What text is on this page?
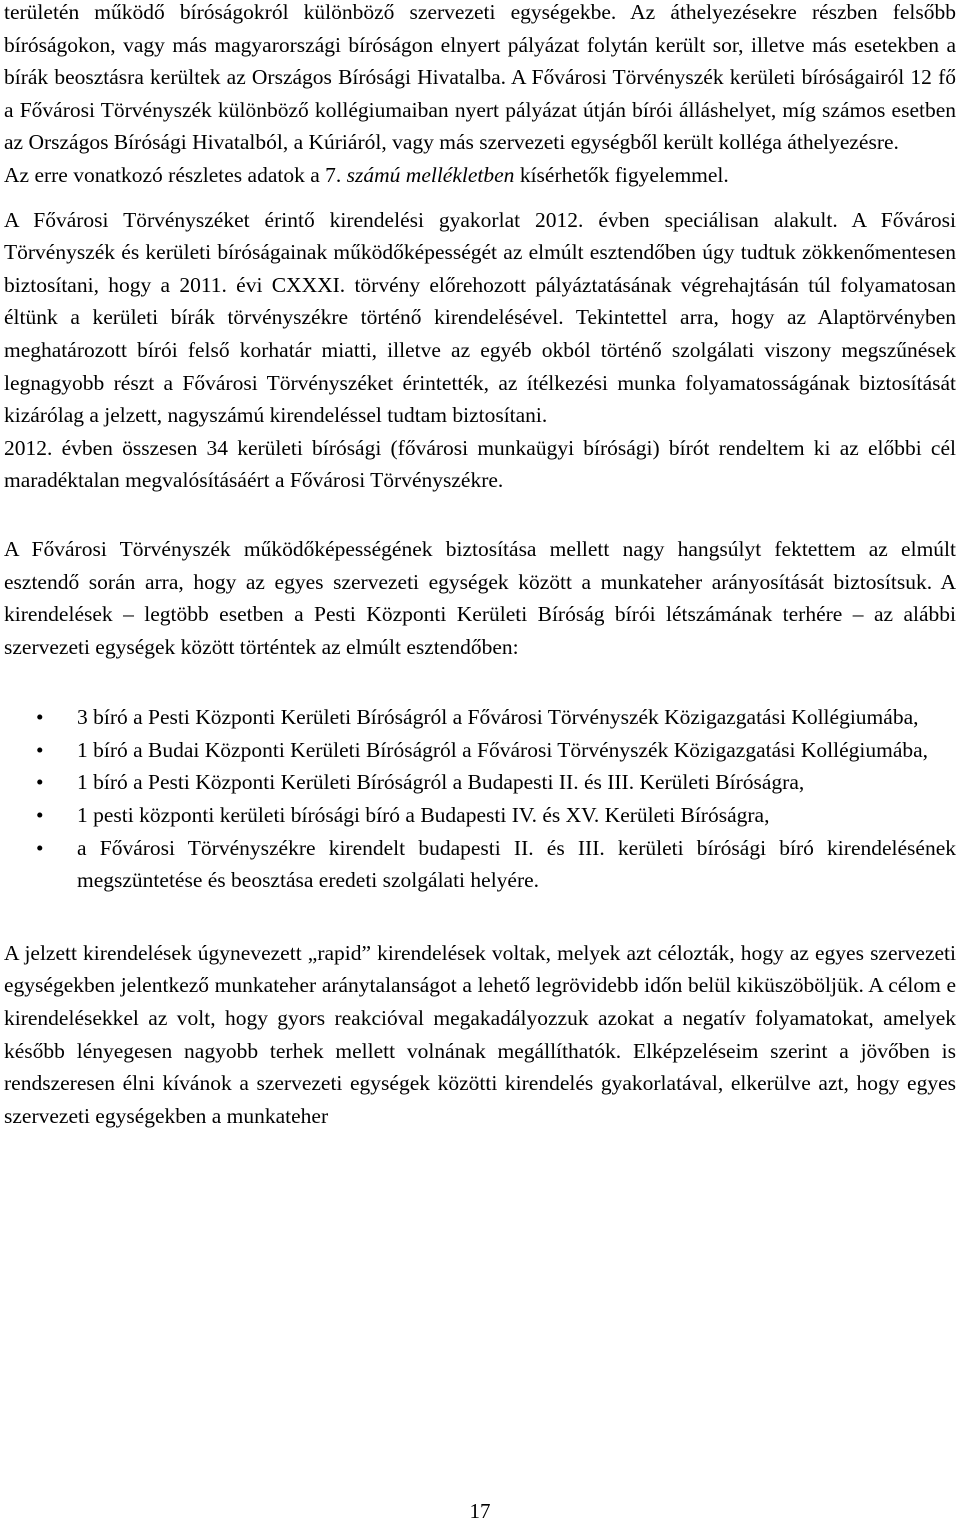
területén működő bíróságokról különböző szervezeti egységekbe. Az áthelyezésekre részben felsőbb bíróságokon, vagy más magyarországi bíróságon elnyert pályázat folytán került sor, illetve más esetekben a bírák beosztásra kerültek az Országos Bírósági Hivatalba. A Fővárosi Törvényszék kerületi bíróságairól 12 fő a Fővárosi Törvényszék különböző kollégiumaiban nyert pályázat útján bírói álláshelyet, míg számos esetben az Országos Bírósági Hivatalból, a Kúriáról, vagy más szervezeti egységből került kolléga áthelyezésre.

Az erre vonatkozó részletes adatok a 7. számú mellékletben kísérhetők figyelemmel.

A Fővárosi Törvényszéket érintő kirendelési gyakorlat 2012. évben speciálisan alakult. A Fővárosi Törvényszék és kerületi bíróságainak működőképességét az elmúlt esztendőben úgy tudtuk zökkenőmentesen biztosítani, hogy a 2011. évi CXXXI. törvény előrehozott pályáztatásának végrehajtásán túl folyamatosan éltünk a kerületi bírák törvényszékre történő kirendelésével. Tekintettel arra, hogy az Alaptörvényben meghatározott bírói felső korhatár miatti, illetve az egyéb okból történő szolgálati viszony megszűnések legnagyobb részt a Fővárosi Törvényszéket érintették, az ítélkezési munka folyamatosságának biztosítását kizárólag a jelzett, nagyszámú kirendeléssel tudtam biztosítani.

2012. évben összesen 34 kerületi bírósági (fővárosi munkaügyi bírósági) bírót rendeltem ki az előbbi cél maradéktalan megvalósításáért a Fővárosi Törvényszékre.

A Fővárosi Törvényszék működőképességének biztosítása mellett nagy hangsúlyt fektettem az elmúlt esztendő során arra, hogy az egyes szervezeti egységek között a munkateher arányosítását biztosítsuk. A kirendelések – legtöbb esetben a Pesti Központi Kerületi Bíróság bírói létszámának terhére – az alábbi szervezeti egységek között történtek az elmúlt esztendőben:

• 3 bíró a Pesti Központi Kerületi Bíróságról a Fővárosi Törvényszék Közigazgatási Kollégiumába,
• 1 bíró a Budai Központi Kerületi Bíróságról a Fővárosi Törvényszék Közigazgatási Kollégiumába,
• 1 bíró a Pesti Központi Kerületi Bíróságról a Budapesti II. és III. Kerületi Bíróságra,
• 1 pesti központi kerületi bírósági bíró a Budapesti IV. és XV. Kerületi Bíróságra,
• a Fővárosi Törvényszékre kirendelt budapesti II. és III. kerületi bírósági bíró kirendelésének megszüntetése és beosztása eredeti szolgálati helyére.

A jelzett kirendelések úgynevezett „rapid” kirendelések voltak, melyek azt célozták, hogy az egyes szervezeti egységekben jelentkező munkateher aránytalanságot a lehető legrövidebb időn belül kiküszöböljük. A célom e kirendelésekkel az volt, hogy gyors reakcióval megakadályozzuk azokat a negatív folyamatokat, amelyek később lényegesen nagyobb terhek mellett volnának megállíthatók. Elképzeléseim szerint a jövőben is rendszeresen élni kívánok a szervezeti egységek közötti kirendelés gyakorlatával, elkerülve azt, hogy egyes szervezeti egységekben a munkateher

17
